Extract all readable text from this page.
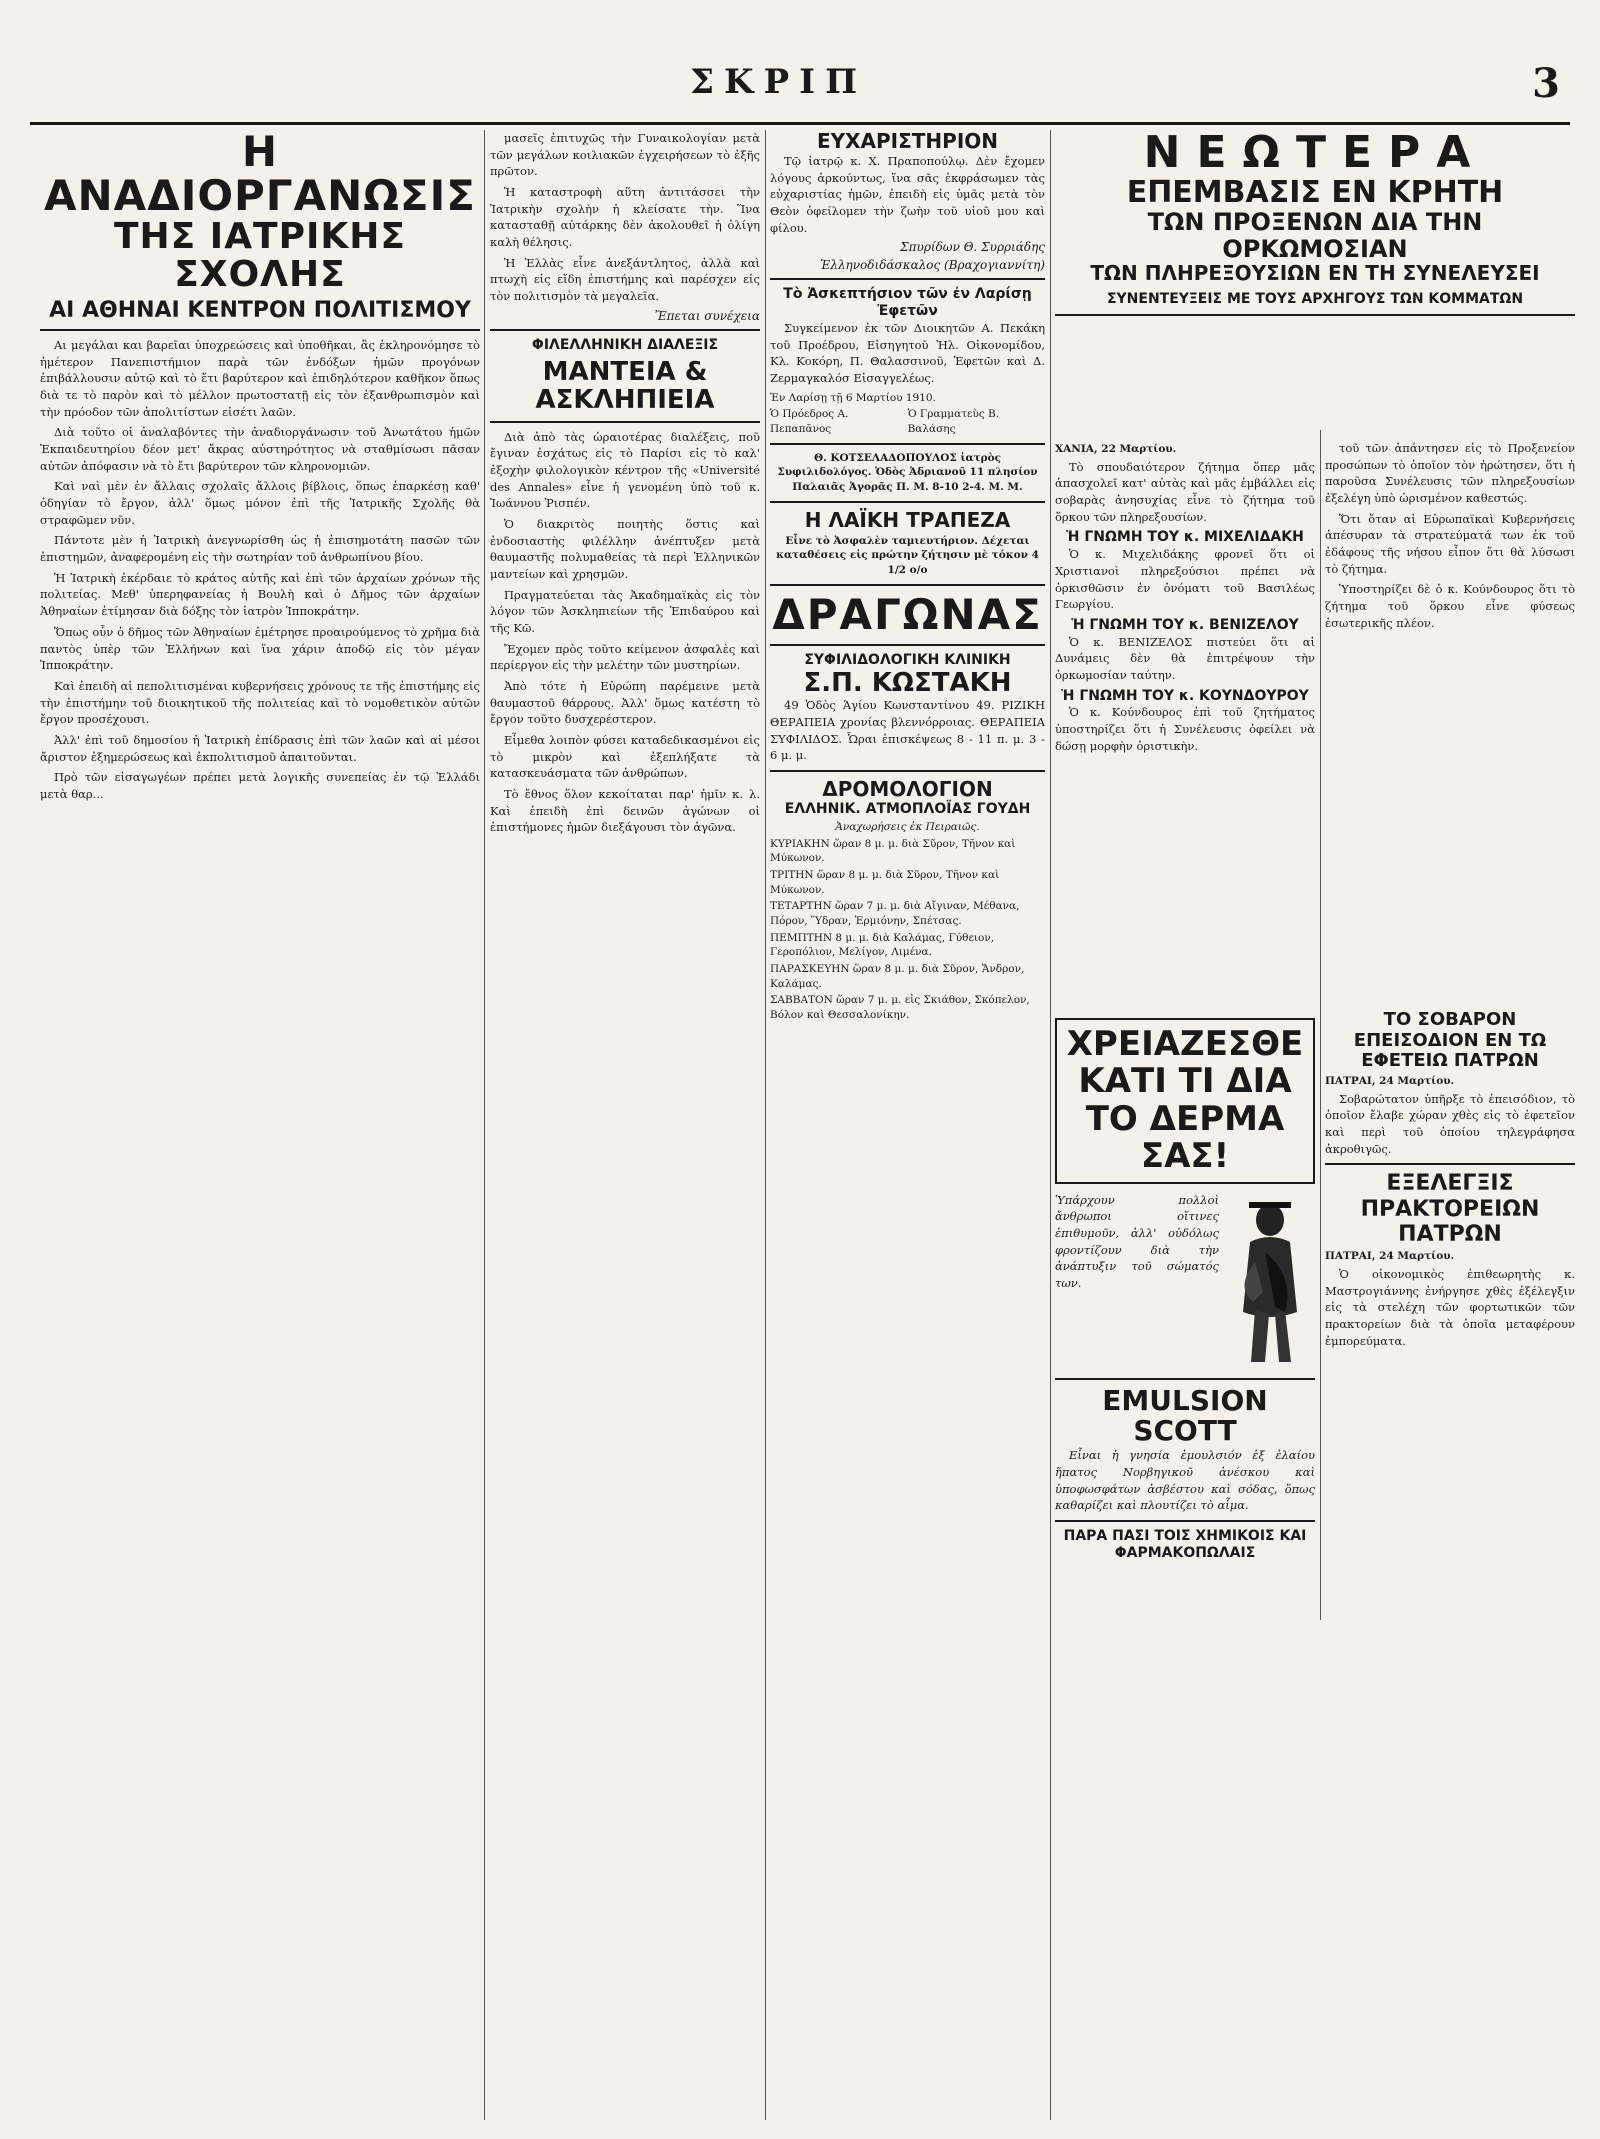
ΣΚΡΙΠ	3
Η ΑΝΑΔΙΟΡΓΑΝΩΣΙΣ
ΤΗΣ ΙΑΤΡΙΚΗΣ ΣΧΟΛΗΣ
ΑΙ ΑΘΗΝΑΙ ΚΕΝΤΡΟΝ ΠΟΛΙΤΙΣΜΟΥ

Αι μεγάλαι και βαρεῖαι ὑποχρεώσεις καὶ ὑποθῆκαι, ἃς ἐκληρονόμησε τὸ ἡμέτερον Πανεπιστήμιον παρὰ τῶν ἐνδόξων ἡμῶν προγόνων ἐπιβάλλουσιν αὐτῷ καὶ τὸ ἔτι βαρύτερον καὶ ἐπιδηλότερον καθῆκον ὅπως διὰ τε τὸ παρὸν καὶ τὸ μέλλον πρωτοστατῇ εἰς τὸν ἐξανθρωπισμὸν καὶ τὴν πρόοδον τῶν ἀπολιτίστων εἰσέτι λαῶν.

Διὰ τοῦτο οἱ ἀναλαβόντες τὴν ἀναδιοργάνωσιν τοῦ Ἀνωτάτου ἡμῶν Ἐκπαιδευτηρίου δέον μετ' ἄκρας αὐστηρότητος νὰ σταθμίσωσι πᾶσαν αὐτῶν ἀπόφασιν νὰ τὸ ἔτι βαρύτερον τῶν κληρονομιῶν.

Καὶ ναὶ μὲν ἐν ἄλλαις σχολαῖς ἄλλοις βίβλοις, ὅπως ἐπαρκέσῃ καθ' ὁδηγίαν τὸ ἔργον, ἀλλ' ὅμως μόνον ἐπὶ τῆς Ἰατρικῆς Σχολῆς θὰ στραφῶμεν νῦν.

Πάντοτε μὲν ἡ Ἰατρικὴ ἀνεγνωρίσθη ὡς ἡ ἐπισημοτάτη πασῶν τῶν ἐπιστημῶν, ἀναφερομένη εἰς τὴν σωτηρίαν τοῦ ἀνθρωπίνου βίου.

Ἡ Ἰατρικὴ ἐκέρδαιε τὸ κράτος αὐτῆς καὶ ἐπὶ τῶν ἀρχαίων χρόνων τῆς πολιτείας. Μεθ' ὑπερηφανείας ἡ Βουλὴ καὶ ὁ Δῆμος τῶν ἀρχαίων Ἀθηναίων ἐτίμησαν διὰ δόξης τὸν ἰατρὸν Ἱπποκράτην.

Ὅπως οὖν ὁ δῆμος τῶν Ἀθηναίων ἐμέτρησε προαιρούμενος τὸ χρῆμα διὰ παντὸς ὑπὲρ τῶν Ἑλλήνων καὶ ἵνα χάριν ἀποδῷ εἰς τὸν μέγαν Ἱπποκράτην.

Καὶ ἐπειδὴ αἱ πεπολιτισμέναι κυβερνήσεις χρόνους τε τῆς ἐπιστήμης εἰς τὴν ἐπιστήμην τοῦ διοικητικοῦ τῆς πολιτείας καὶ τὸ νομοθετικὸν αὐτῶν ἔργον προσέχουσι.

Ἀλλ' ἐπὶ τοῦ δημοσίου ἡ Ἰατρικὴ ἐπίδρασις ἐπὶ τῶν λαῶν καὶ αἱ μέσοι ἄριστον ἐξημερώσεως καὶ ἐκπολιτισμοῦ ἀπαιτοῦνται.

Πρὸ τῶν εἰσαγωγέων πρέπει μετὰ λογικῆς συνεπείας ἐν τῷ Ἐλλάδι μετὰ θαρ...

μασεῖς ἐπιτυχῶς τὴν Γυναικολογίαν μετὰ τῶν μεγάλων κοιλιακῶν ἐγχειρήσεων τὸ ἐξῆς πρῶτον.

Ἡ καταστροφὴ αὕτη ἀντιτάσσει τὴν Ἰατρικὴν σχολὴν ἡ κλείσατε τὴν. Ἵνα κατασταθῇ αὐτάρκης δὲν ἀκολουθεῖ ἡ ὀλίγη καλὴ θέλησις.

Ἡ Ἑλλὰς εἶνε ἀνεξάντλητος, ἀλλὰ καὶ πτωχὴ εἰς εἴδη ἐπιστήμης καὶ παρέσχεν εἰς τὸν πολιτισμὸν τὰ μεγαλεῖα.

Ἔπεται συνέχεια
ΦΙΛΕΛΛΗΝΙΚΗ ΔΙΑΛΕΞΙΣ
ΜΑΝΤΕΙΑ & ΑΣΚΛΗΠΙΕΙΑ

Διὰ ἀπὸ τὰς ὡραιοτέρας διαλέξεις, ποῦ ἔγιναν ἐσχάτως εἰς τὸ Παρίσι εἰς τὸ καλ' ἐξοχὴν φιλολογικὸν κέντρον τῆς «Université des Annales» εἶνε ἡ γενομένη ὑπὸ τοῦ κ. Ἰωάννου Ῥισπέν.

Ὁ διακριτὸς ποιητὴς ὅστις καὶ ἐνδοσιαστὴς φιλέλλην ἀνέπτυξεν μετὰ θαυμαστῆς πολυμαθείας τὰ περὶ Ἑλληνικῶν μαντείων καὶ χρησμῶν.

Πραγματεύεται τὰς Ἀκαδημαϊκὰς εἰς τὸν λόγον τῶν Ἀσκληπιείων τῆς Ἐπιδαύρου καὶ τῆς Κῶ.

Ἔχομεν πρὸς τοῦτο κείμενον ἀσφαλὲς καὶ περίεργον εἰς τὴν μελέτην τῶν μυστηρίων.

Ἀπὸ τότε ἡ Εὐρώπη παρέμεινε μετὰ θαυμαστοῦ θάρρους. Ἀλλ' ὅμως κατέστη τὸ ἔργον τοῦτο δυσχερέστερον.

Εἶμεθα λοιπὸν φύσει καταδεδικασμένοι εἰς τὸ μικρὸν καὶ ἐξεπλήξατε τὰ κατασκευάσματα τῶν ἀνθρώπων.

Τὸ ἔθνος ὅλον κεκοίταται παρ' ἡμῖν κ. λ. Καὶ ἐπειδὴ ἐπὶ δεινῶν ἀγώνων οἱ ἐπιστήμονες ἡμῶν διεξάγουσι τὸν ἀγῶνα.

ΕΥΧΑΡΙΣΤΗΡΙΟΝ

Τῷ ἰατρῷ κ. Χ. Πραποπούλῳ. Δὲν ἔχομεν λόγους ἀρκούντως, ἵνα σᾶς ἐκφράσωμεν τὰς εὐχαριστίας ἡμῶν, ἐπειδὴ εἰς ὑμᾶς μετὰ τὸν Θεὸν ὀφείλομεν τὴν ζωὴν τοῦ υἱοῦ μου καὶ φίλου.

Σπυρίδων Θ. Συρριάδης
Ἑλληνοδιδάσκαλος (Βραχογιαννίτη)
Τὸ Ἀσκεπτήσιον τῶν ἐν Λαρίσῃ Ἐφετῶν

Συγκείμενον ἐκ τῶν Διοικητῶν Α. Πεκάκη τοῦ Προέδρου, Εἰσηγητοῦ Ἠλ. Οἰκονομίδου, Κλ. Κοκόρη, Π. Θαλασσινοῦ, Ἐφετῶν καὶ Δ. Ζερμαγκαλόσ Εἰσαγγελέως.

Ἐν Λαρίσῃ τῇ 6 Μαρτίου 1910.
Ὁ Πρόεδρος Α. Πεπαπᾶνος
Ὁ Γραμματεὺς Β. Βαλάσης
Θ. ΚΟΤΣΕΛΑΔΟΠΟΥΛΟΣ ἰατρὸς Συφιλιδολόγος. Ὁδὸς Ἀδριανοῦ 11 πλησίον Παλαιᾶς Ἀγορᾶς Π. Μ. 8-10 2-4. Μ. Μ.
Η ΛΑΪΚΗ ΤΡΑΠΕΖΑ
Εἶνε τὸ Ἀσφαλὲν ταμιευτήριον. Δέχεται καταθέσεις εἰς πρώτην ζήτησιν μὲ τόκον 4 1/2 ο/ο
ΔΡΑΓΩΝΑΣ
ΣΥΦΙΛΙΔΟΛΟΓΙΚΗ ΚΛΙΝΙΚΗ
Σ.Π. ΚΩΣΤΑΚΗ

49 Ὁδὸς Ἁγίου Κωνσταντίνου 49. ΡΙΖΙΚΗ ΘΕΡΑΠΕΙΑ χρονίας βλεννόρροιας. ΘΕΡΑΠΕΙΑ ΣΥΦΙΛΙΔΟΣ. Ὧραι ἐπισκέψεως 8 - 11 π. μ. 3 - 6 μ. μ.

ΔΡΟΜΟΛΟΓΙΟΝ
ΕΛΛΗΝΙΚ. ΑΤΜΟΠΛΟΪΑΣ ΓΟΥΔΗ
Ἀναχωρήσεις ἐκ Πειραιῶς.
ΚΥΡΙΑΚΗΝ ὥραν 8 μ. μ. διὰ Σῦρον, Τῆνον καὶ Μύκωνον.
ΤΡΙΤΗΝ ὥραν 8 μ. μ. διὰ Σῦρον, Τῆνον καὶ Μύκωνον.
ΤΕΤΑΡΤΗΝ ὥραν 7 μ. μ. διὰ Αἴγιναν, Μέθανα, Πόρον, Ὕδραν, Ἑρμιόνην, Σπέτσας.
ΠΕΜΠΤΗΝ 8 μ. μ. διὰ Καλάμας, Γύθειον, Γεροπόλιον, Μελίγον, Λιμένα.
ΠΑΡΑΣΚΕΥΗΝ ὥραν 8 μ. μ. διὰ Σῦρον, Ἄνδρον, Καλάμας.
ΣΑΒΒΑΤΟΝ ὥραν 7 μ. μ. εἰς Σκιάθον, Σκόπελον, Βόλον καὶ Θεσσαλονίκην.
ΧΡΕΙΑΖΕΣΘΕ ΚΑΤΙ ΤΙ ΔΙΑ ΤΟ ΔΕΡΜΑ ΣΑΣ!

Ὑπάρχουν πολλοὶ ἄνθρωποι οἵτινες ἐπιθυμοῦν, ἀλλ' οὐδόλως φροντίζουν διὰ τὴν ἀνάπτυξιν τοῦ σώματός των.

EMULSION SCOTT

Εἶναι ἡ γνησία ἐμουλσιόν ἐξ ἐλαίου ἥπατος Νορβηγικοῦ ἀνέσκου καὶ ὑποφωσφάτων ἀσβέστου καὶ σόδας, ὅπως καθαρίζει καὶ πλουτίζει τὸ αἷμα.

ΠΑΡΑ ΠΑΣΙ ΤΟΙΣ ΧΗΜΙΚΟΙΣ ΚΑΙ ΦΑΡΜΑΚΟΠΩΛΑΙΣ
ΝΕΩΤΕΡΑ
ΕΠΕΜΒΑΣΙΣ ΕΝ ΚΡΗΤΗ
ΤΩΝ ΠΡΟΞΕΝΩΝ ΔΙΑ ΤΗΝ ΟΡΚΩΜΟΣΙΑΝ
ΤΩΝ ΠΛΗΡΕΞΟΥΣΙΩΝ ΕΝ ΤΗ ΣΥΝΕΛΕΥΣΕΙ
ΣΥΝΕΝΤΕΥΞΕΙΣ ΜΕ ΤΟΥΣ ΑΡΧΗΓΟΥΣ ΤΩΝ ΚΟΜΜΑΤΩΝ
ΧΑΝΙΑ, 22 Μαρτίου.

Τὸ σπουδαιότερον ζήτημα ὅπερ μᾶς ἀπασχολεῖ κατ' αὐτὰς καὶ μᾶς ἐμβάλλει εἰς σοβαρὰς ἀνησυχίας εἶνε τὸ ζήτημα τοῦ ὅρκου τῶν πληρεξουσίων.

Ἡ ΓΝΩΜΗ ΤΟΥ κ. ΜΙΧΕΛΙΔΑΚΗ

Ὁ κ. Μιχελιδάκης φρονεῖ ὅτι οἱ Χριστιανοὶ πληρεξούσιοι πρέπει νὰ ὁρκισθῶσιν ἐν ὀνόματι τοῦ Βασιλέως Γεωργίου.

Ἡ ΓΝΩΜΗ ΤΟΥ κ. ΒΕΝΙΖΕΛΟΥ

Ὁ κ. ΒΕΝΙΖΕΛΟΣ πιστεύει ὅτι αἱ Δυνάμεις δὲν θὰ ἐπιτρέψουν τὴν ὁρκωμοσίαν ταύτην.

Ἡ ΓΝΩΜΗ ΤΟΥ κ. ΚΟΥΝΔΟΥΡΟΥ

Ὁ κ. Κούνδουρος ἐπὶ τοῦ ζητήματος ὑποστηρίζει ὅτι ἡ Συνέλευσις ὀφείλει νὰ δώσῃ μορφὴν ὁριστικὴν.

τοῦ τῶν ἀπάντησεν εἰς τὸ Προξενείον προσώπων τὸ ὁποῖον τὸν ἠρώτησεν, ὅτι ἡ παροῦσα Συνέλευσις τῶν πληρεξουσίων ἐξελέγη ὑπὸ ὡρισμένον καθεστώς.

Ὅτι ὅταν αἱ Εὐρωπαϊκαὶ Κυβερνήσεις ἀπέσυραν τὰ στρατεύματά των ἐκ τοῦ ἐδάφους τῆς νήσου εἶπον ὅτι θὰ λύσωσι τὸ ζήτημα.

Ὑποστηρίζει δὲ ὁ κ. Κούνδουρος ὅτι τὸ ζήτημα τοῦ ὅρκου εἶνε φύσεως ἐσωτερικῆς πλέον.

ΤΟ ΣΟΒΑΡΟΝ ΕΠΕΙΣΟΔΙΟΝ ΕΝ ΤΩ ΕΦΕΤΕΙΩ ΠΑΤΡΩΝ
ΠΑΤΡΑΙ, 24 Μαρτίου.

Σοβαρώτατον ὑπῆρξε τὸ ἐπεισόδιον, τὸ ὁποῖον ἔλαβε χώραν χθὲς εἰς τὸ ἐφετεῖον καὶ περὶ τοῦ ὁποίου τηλεγράφησα ἀκροθιγῶς.

ΕΞΕΛΕΓΞΙΣ ΠΡΑΚΤΟΡΕΙΩΝ ΠΑΤΡΩΝ
ΠΑΤΡΑΙ, 24 Μαρτίου.

Ὁ οἰκονομικὸς ἐπιθεωρητὴς κ. Μαστρογιάννης ἐνήργησε χθὲς ἐξέλεγξιν εἰς τὰ στελέχη τῶν φορτωτικῶν τῶν πρακτορείων διὰ τὰ ὁποῖα μεταφέρουν ἐμπορεύματα.
